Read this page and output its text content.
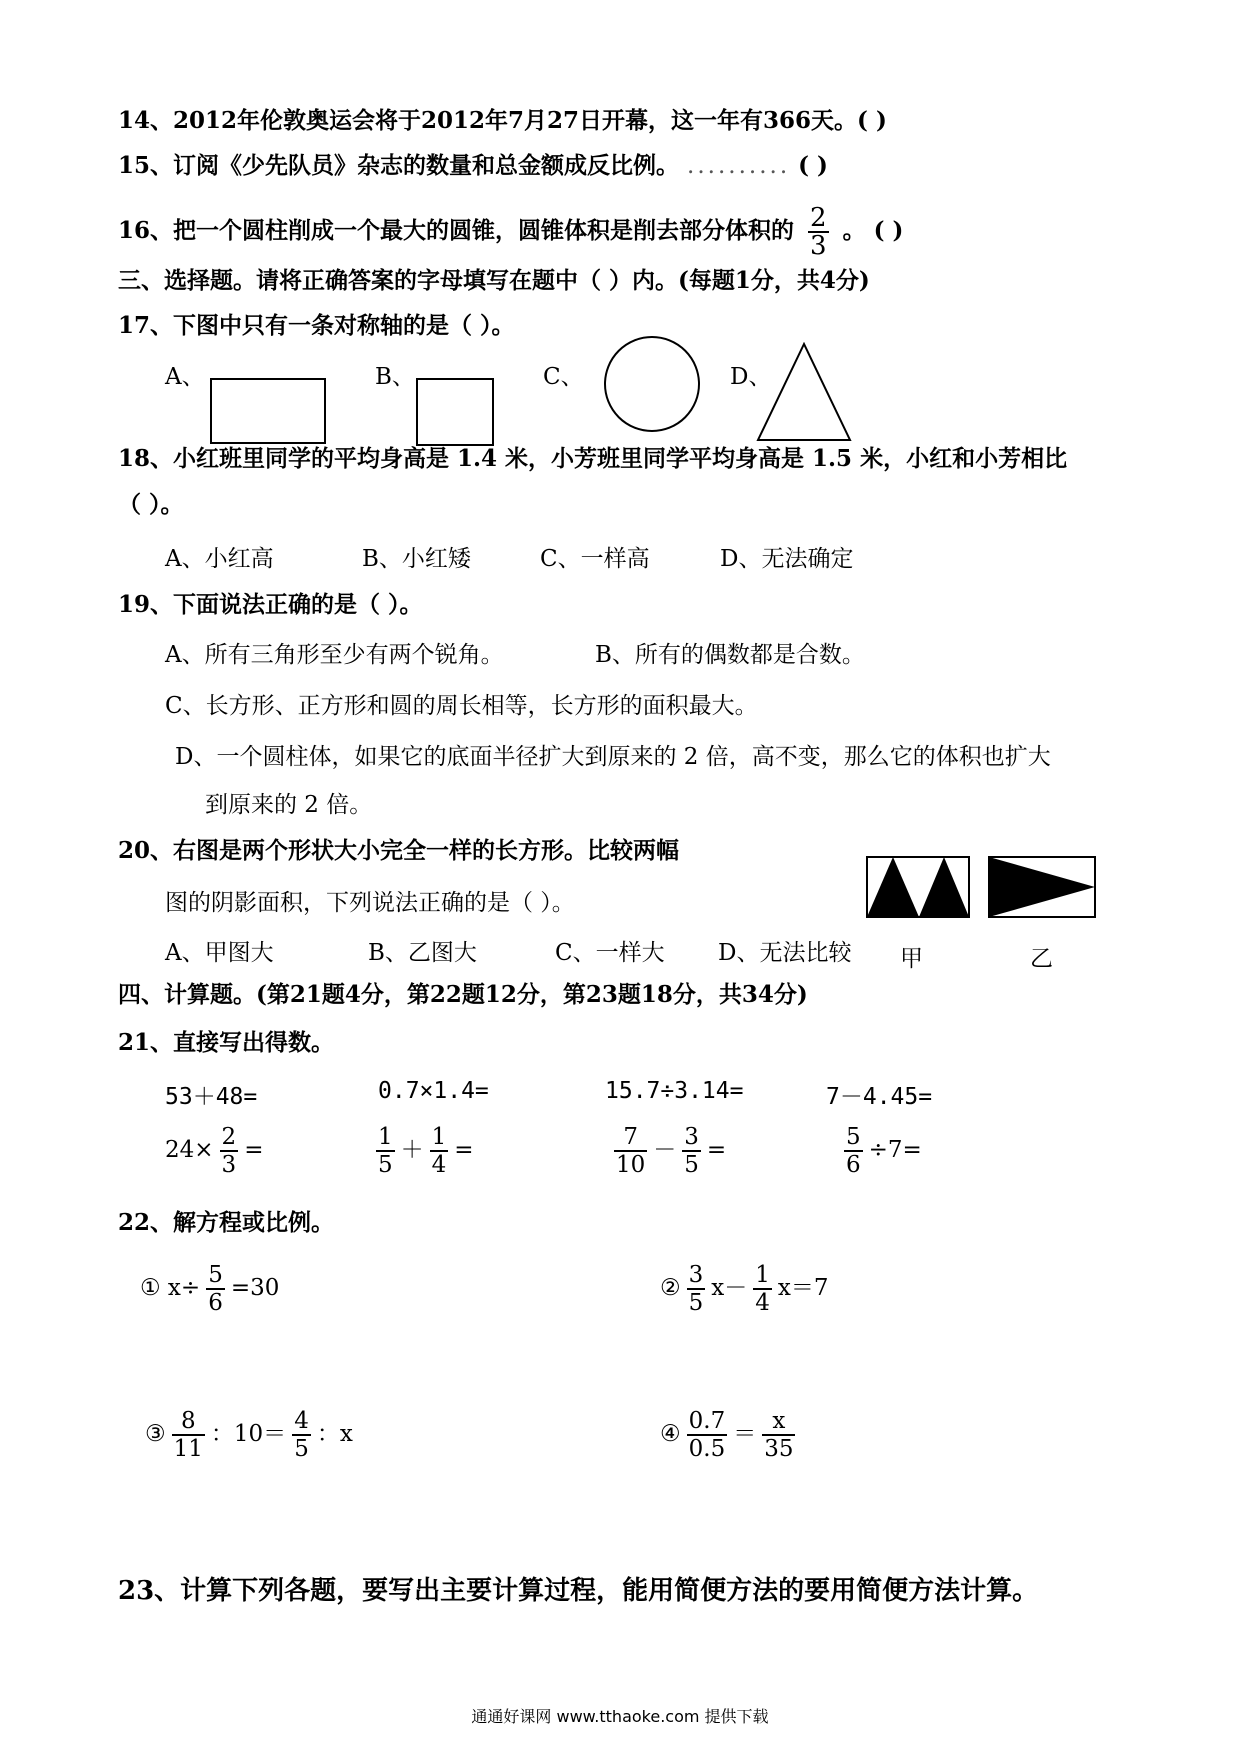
14、2012年伦敦奥运会将于2012年7月27日开幕，这一年有366天。( )
15、订阅《少先队员》杂志的数量和总金额成反比例。 .......... ( )
16、把一个圆柱削成一个最大的圆锥，圆锥体积是削去部分体积的 $\frac{2}{3}$ 。 ( )
三、选择题。请将正确答案的字母填写在题中（ ）内。(每题1分，共4分)
17、下图中只有一条对称轴的是（ ）。
A、	B、	C、	D、
18、小红班里同学的平均身高是 1.4 米，小芳班里同学平均身高是 1.5 米，小红和小芳相比
（ ）。
A、小红高	B、小红矮	C、一样高	D、无法确定
19、下面说法正确的是（ ）。
A、所有三角形至少有两个锐角。	B、所有的偶数都是合数。
C、长方形、正方形和圆的周长相等，长方形的面积最大。
D、一个圆柱体，如果它的底面半径扩大到原来的 2 倍，高不变，那么它的体积也扩大
到原来的 2 倍。
20、右图是两个形状大小完全一样的长方形。比较两幅
图的阴影面积，下列说法正确的是（ ）。
A、甲图大	B、乙图大	C、一样大 D、无法比较 甲	乙
四、计算题。(第21题4分，第22题12分，第23题18分，共34分)
21、直接写出得数。
53＋48=	0.7×1.4=	15.7÷3.14=	7－4.45=
$24\times \frac{2}{3}$ =	$\frac{1}{5} + \frac{1}{4}$ =	$\frac{7}{10} - \frac{3}{5}$ =	$\frac{5}{6} \div 7=$
22、解方程或比例。
① $x\div \frac{5}{6} =30$	② $\frac{3}{5} x- \frac{1}{4} x=7$
③ $\frac{8}{11}$ ：$10= \frac{4}{5}$ ：x	④ $\frac{0.7}{0.5} = \frac{x}{35}$
23、计算下列各题，要写出主要计算过程，能用简便方法的要用简便方法计算。
通通好课网 www.tthaoke.com 提供下载
